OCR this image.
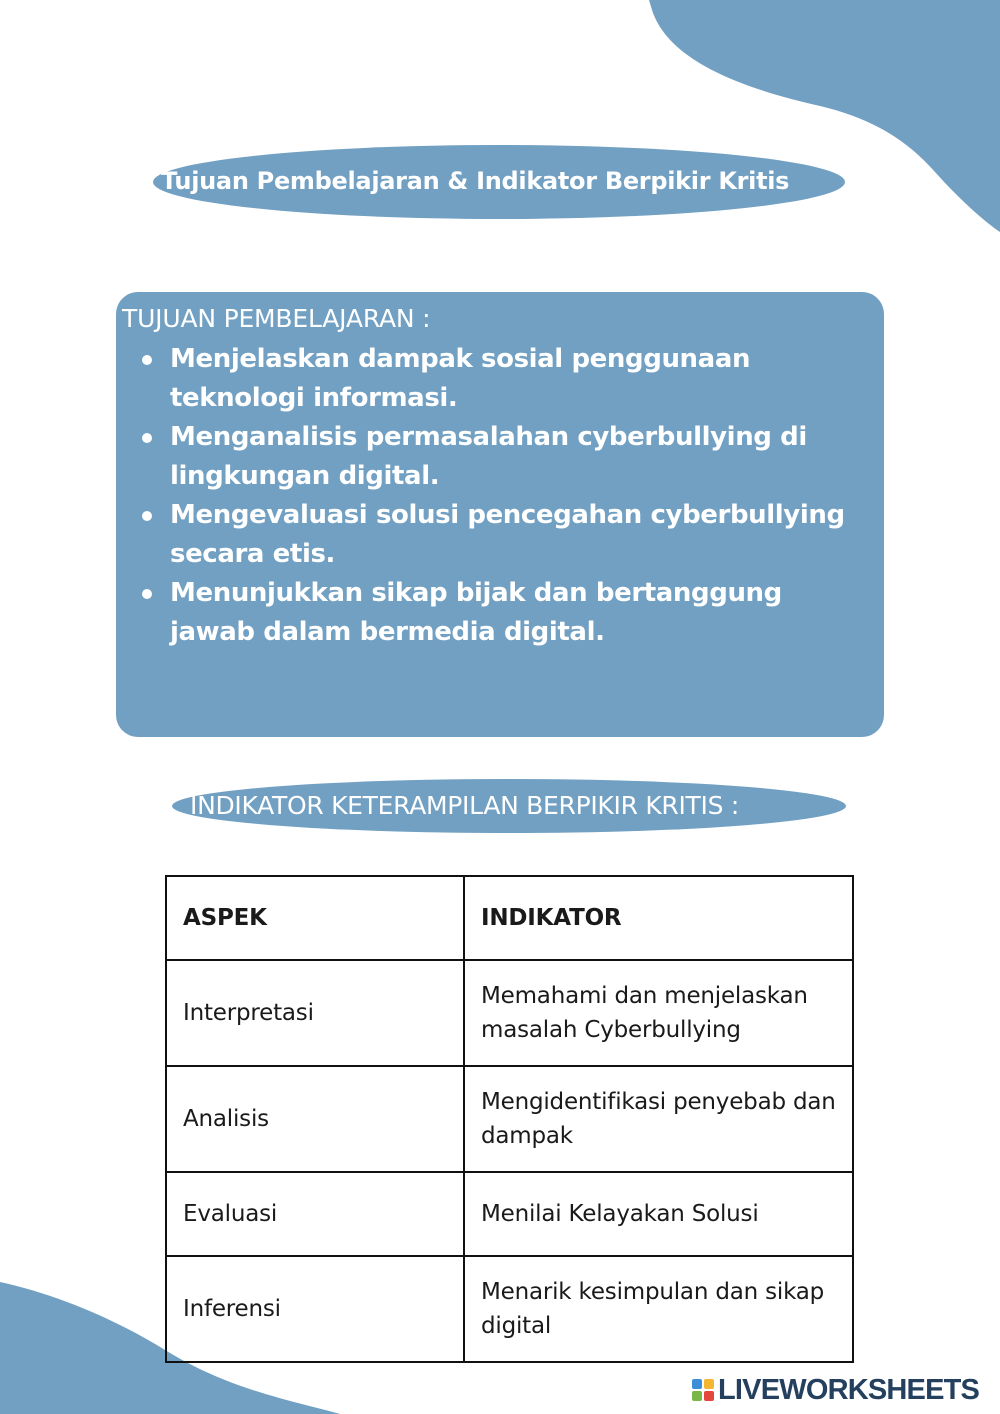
Tujuan Pembelajaran & Indikator Berpikir Kritis
TUJUAN PEMBELAJARAN :
Menjelaskan dampak sosial penggunaan teknologi informasi.
Menganalisis permasalahan cyberbullying di lingkungan digital.
Mengevaluasi solusi pencegahan cyberbullying secara etis.
Menunjukkan sikap bijak dan bertanggung jawab dalam bermedia digital.
INDIKATOR KETERAMPILAN BERPIKIR KRITIS :
ASPEK	INDIKATOR
Interpretasi	Memahami dan menjelaskan masalah Cyberbullying
Analisis	Mengidentifikasi penyebab dan dampak
Evaluasi	Menilai Kelayakan Solusi
Inferensi	Menarik kesimpulan dan sikap digital
LIVEWORKSHEETS
